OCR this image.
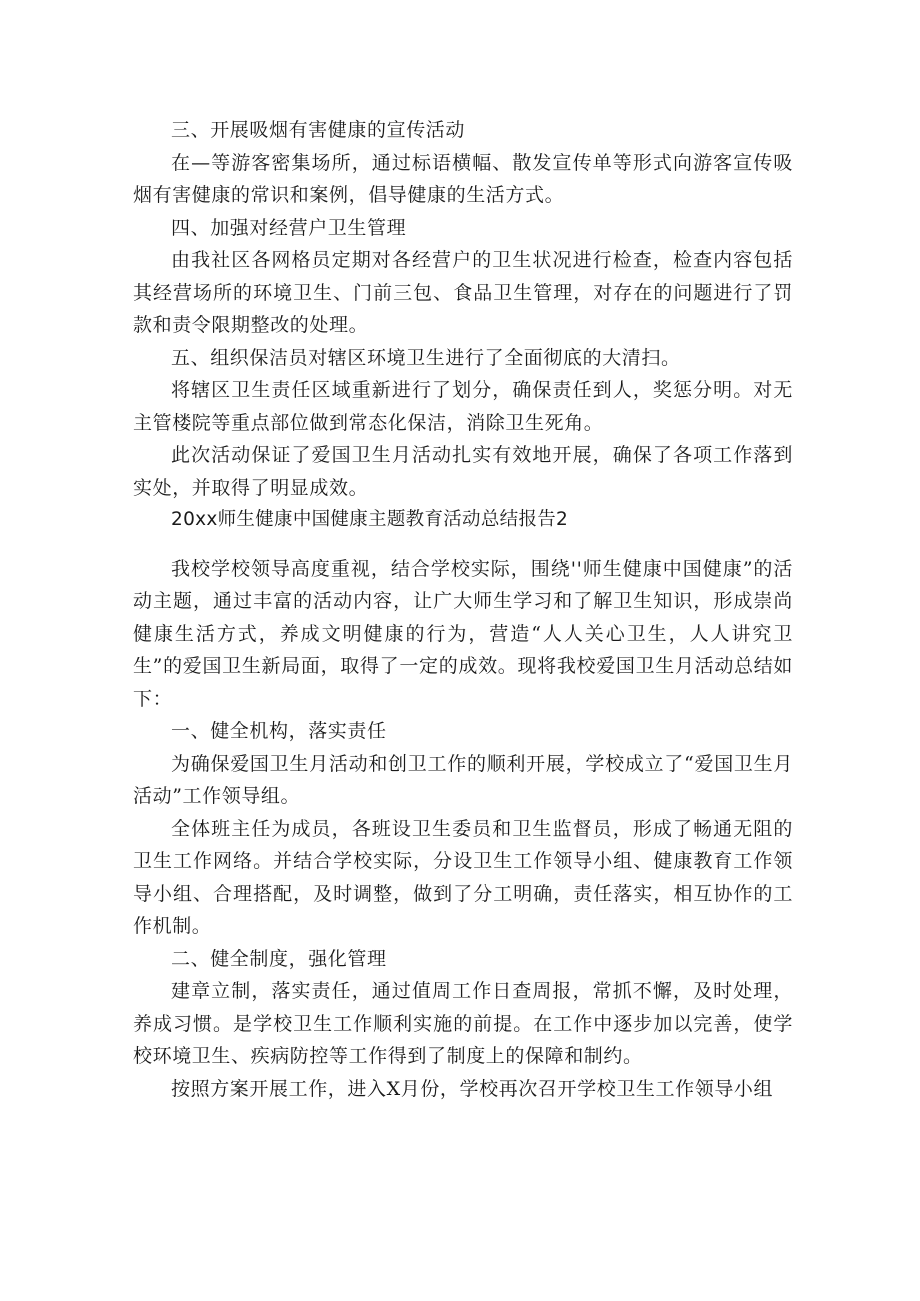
三、开展吸烟有害健康的宣传活动

在—等游客密集场所，通过标语横幅、散发宣传单等形式向游客宣传吸烟有害健康的常识和案例，倡导健康的生活方式。

四、加强对经营户卫生管理

由我社区各网格员定期对各经营户的卫生状况进行检查，检查内容包括其经营场所的环境卫生、门前三包、食品卫生管理，对存在的问题进行了罚款和责令限期整改的处理。

五、组织保洁员对辖区环境卫生进行了全面彻底的大清扫。

将辖区卫生责任区域重新进行了划分，确保责任到人，奖惩分明。对无主管楼院等重点部位做到常态化保洁，消除卫生死角。

此次活动保证了爱国卫生月活动扎实有效地开展，确保了各项工作落到实处，并取得了明显成效。

20xx师生健康中国健康主题教育活动总结报告2

我校学校领导高度重视，结合学校实际，围绕''师生健康中国健康”的活动主题，通过丰富的活动内容，让广大师生学习和了解卫生知识，形成崇尚健康生活方式，养成文明健康的行为，营造“人人关心卫生，人人讲究卫生”的爱国卫生新局面，取得了一定的成效。现将我校爱国卫生月活动总结如下：

一、健全机构，落实责任

为确保爱国卫生月活动和创卫工作的顺利开展，学校成立了“爱国卫生月活动”工作领导组。

全体班主任为成员，各班设卫生委员和卫生监督员，形成了畅通无阻的卫生工作网络。并结合学校实际，分设卫生工作领导小组、健康教育工作领导小组、合理搭配，及时调整，做到了分工明确，责任落实，相互协作的工作机制。

二、健全制度，强化管理

建章立制，落实责任，通过值周工作日查周报，常抓不懈，及时处理，养成习惯。是学校卫生工作顺利实施的前提。在工作中逐步加以完善，使学校环境卫生、疾病防控等工作得到了制度上的保障和制约。

按照方案开展工作，进入X月份，学校再次召开学校卫生工作领导小组
